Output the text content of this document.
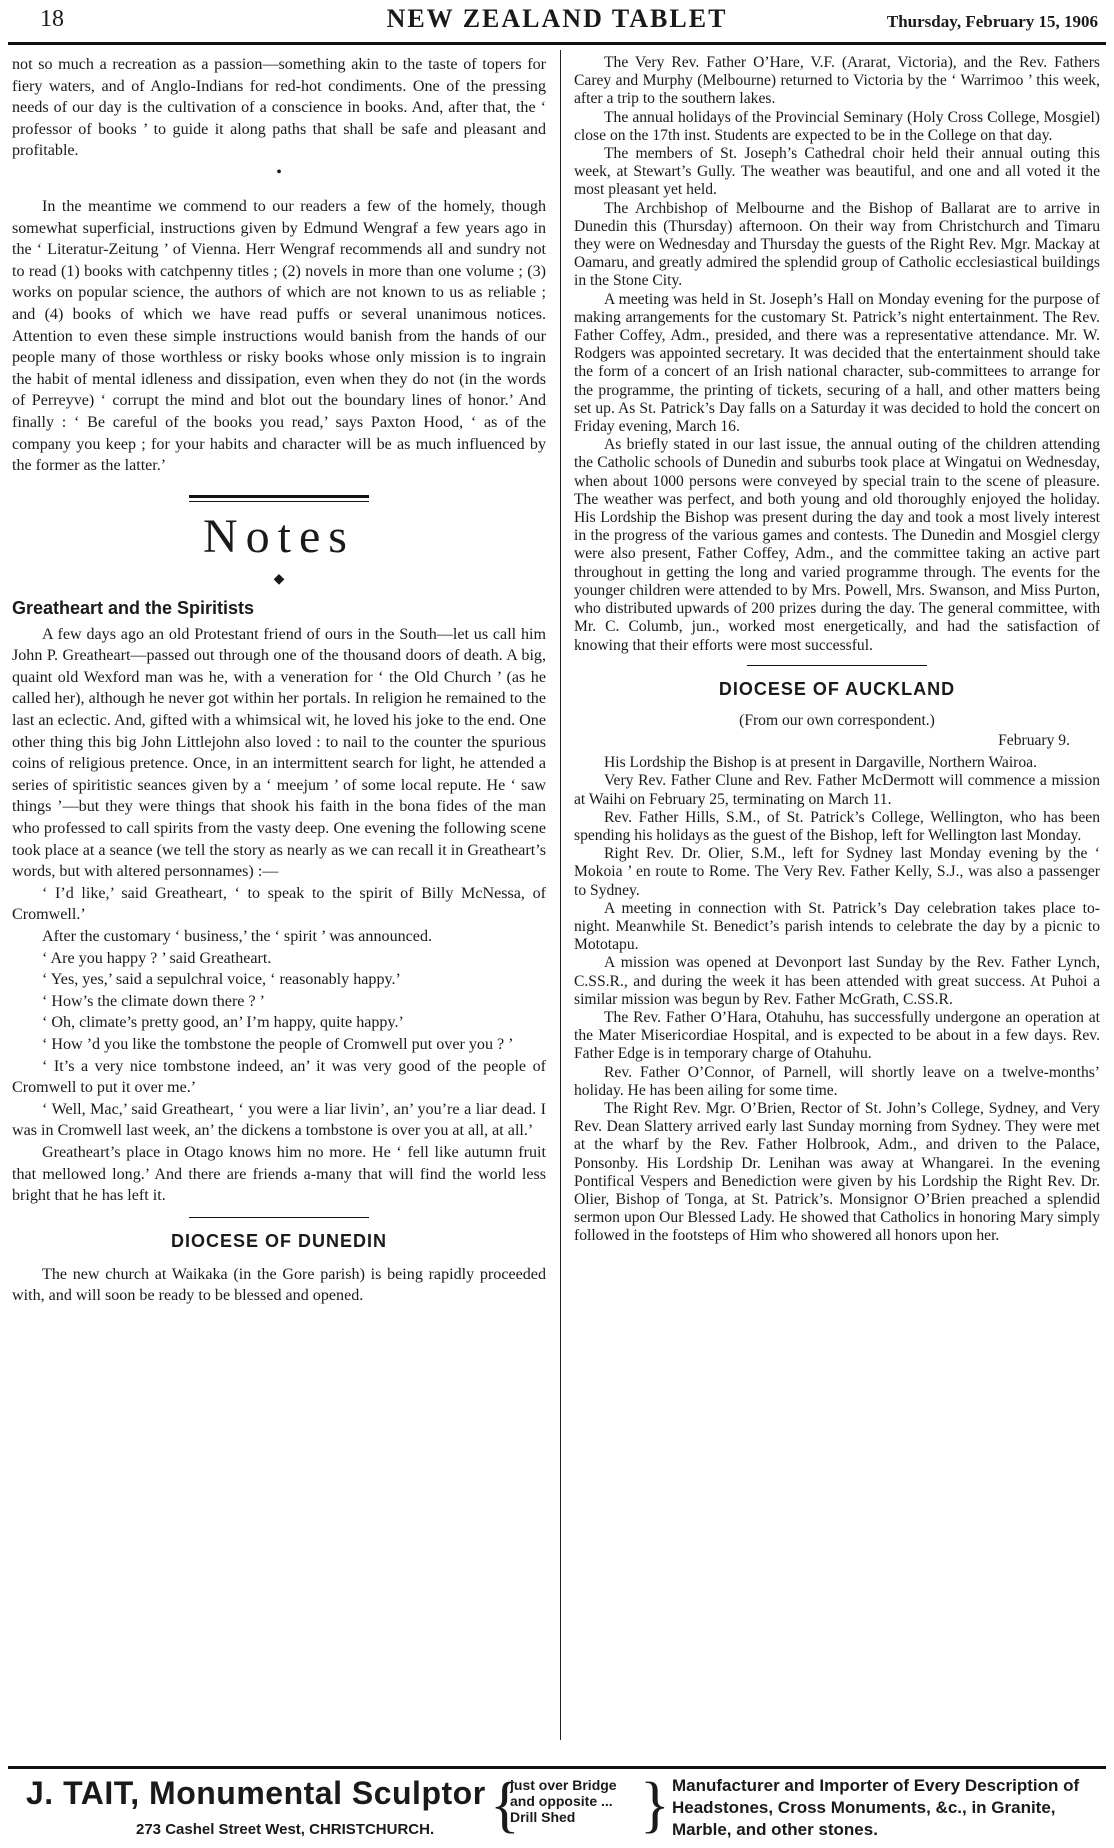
18	NEW ZEALAND TABLET	Thursday, February 15, 1906

not so much a recreation as a passion—something akin to the taste of topers for fiery waters, and of Anglo-Indians for red-hot condiments. One of the pressing needs of our day is the cultivation of a conscience in books. And, after that, the ‘ professor of books ’ to guide it along paths that shall be safe and pleasant and profitable.

•

In the meantime we commend to our readers a few of the homely, though somewhat superficial, instructions given by Edmund Wengraf a few years ago in the ‘ Literatur-Zeitung ’ of Vienna. Herr Wengraf recommends all and sundry not to read (1) books with catchpenny titles ; (2) novels in more than one volume ; (3) works on popular science, the authors of which are not known to us as reliable ; and (4) books of which we have read puffs or several unanimous notices. Attention to even these simple instructions would banish from the hands of our people many of those worthless or risky books whose only mission is to ingrain the habit of mental idleness and dissipation, even when they do not (in the words of Perreyve) ‘ corrupt the mind and blot out the boundary lines of honor.’ And finally : ‘ Be careful of the books you read,’ says Paxton Hood, ‘ as of the company you keep ; for your habits and character will be as much influenced by the former as the latter.’

Notes
◆
Greatheart and the Spiritists

A few days ago an old Protestant friend of ours in the South—let us call him John P. Greatheart—passed out through one of the thousand doors of death. A big, quaint old Wexford man was he, with a veneration for ‘ the Old Church ’ (as he called her), although he never got within her portals. In religion he remained to the last an eclectic. And, gifted with a whimsical wit, he loved his joke to the end. One other thing this big John Littlejohn also loved : to nail to the counter the spurious coins of religious pretence. Once, in an intermittent search for light, he attended a series of spiritistic seances given by a ‘ meejum ’ of some local repute. He ‘ saw things ’—but they were things that shook his faith in the bona fides of the man who professed to call spirits from the vasty deep. One evening the following scene took place at a seance (we tell the story as nearly as we can recall it in Greatheart’s words, but with altered personnames) :—

‘ I’d like,’ said Greatheart, ‘ to speak to the spirit of Billy McNessa, of Cromwell.’

After the customary ‘ business,’ the ‘ spirit ’ was announced.

‘ Are you happy ? ’ said Greatheart.

‘ Yes, yes,’ said a sepulchral voice, ‘ reasonably happy.’

‘ How’s the climate down there ? ’

‘ Oh, climate’s pretty good, an’ I’m happy, quite happy.’

‘ How ’d you like the tombstone the people of Cromwell put over you ? ’

‘ It’s a very nice tombstone indeed, an’ it was very good of the people of Cromwell to put it over me.’

‘ Well, Mac,’ said Greatheart, ‘ you were a liar livin’, an’ you’re a liar dead. I was in Cromwell last week, an’ the dickens a tombstone is over you at all, at all.’

Greatheart’s place in Otago knows him no more. He ‘ fell like autumn fruit that mellowed long.’ And there are friends a-many that will find the world less bright that he has left it.

DIOCESE OF DUNEDIN

The new church at Waikaka (in the Gore parish) is being rapidly proceeded with, and will soon be ready to be blessed and opened.

The Very Rev. Father O’Hare, V.F. (Ararat, Victoria), and the Rev. Fathers Carey and Murphy (Melbourne) returned to Victoria by the ‘ Warrimoo ’ this week, after a trip to the southern lakes.

The annual holidays of the Provincial Seminary (Holy Cross College, Mosgiel) close on the 17th inst. Students are expected to be in the College on that day.

The members of St. Joseph’s Cathedral choir held their annual outing this week, at Stewart’s Gully. The weather was beautiful, and one and all voted it the most pleasant yet held.

The Archbishop of Melbourne and the Bishop of Ballarat are to arrive in Dunedin this (Thursday) afternoon. On their way from Christchurch and Timaru they were on Wednesday and Thursday the guests of the Right Rev. Mgr. Mackay at Oamaru, and greatly admired the splendid group of Catholic ecclesiastical buildings in the Stone City.

A meeting was held in St. Joseph’s Hall on Monday evening for the purpose of making arrangements for the customary St. Patrick’s night entertainment. The Rev. Father Coffey, Adm., presided, and there was a representative attendance. Mr. W. Rodgers was appointed secretary. It was decided that the entertainment should take the form of a concert of an Irish national character, sub-committees to arrange for the programme, the printing of tickets, securing of a hall, and other matters being set up. As St. Patrick’s Day falls on a Saturday it was decided to hold the concert on Friday evening, March 16.

As briefly stated in our last issue, the annual outing of the children attending the Catholic schools of Dunedin and suburbs took place at Wingatui on Wednesday, when about 1000 persons were conveyed by special train to the scene of pleasure. The weather was perfect, and both young and old thoroughly enjoyed the holiday. His Lordship the Bishop was present during the day and took a most lively interest in the progress of the various games and contests. The Dunedin and Mosgiel clergy were also present, Father Coffey, Adm., and the committee taking an active part throughout in getting the long and varied programme through. The events for the younger children were attended to by Mrs. Powell, Mrs. Swanson, and Miss Purton, who distributed upwards of 200 prizes during the day. The general committee, with Mr. C. Columb, jun., worked most energetically, and had the satisfaction of knowing that their efforts were most successful.

DIOCESE OF AUCKLAND
(From our own correspondent.)
February 9.

His Lordship the Bishop is at present in Dargaville, Northern Wairoa.

Very Rev. Father Clune and Rev. Father McDermott will commence a mission at Waihi on February 25, terminating on March 11.

Rev. Father Hills, S.M., of St. Patrick’s College, Wellington, who has been spending his holidays as the guest of the Bishop, left for Wellington last Monday.

Right Rev. Dr. Olier, S.M., left for Sydney last Monday evening by the ‘ Mokoia ’ en route to Rome. The Very Rev. Father Kelly, S.J., was also a passenger to Sydney.

A meeting in connection with St. Patrick’s Day celebration takes place to-night. Meanwhile St. Benedict’s parish intends to celebrate the day by a picnic to Mototapu.

A mission was opened at Devonport last Sunday by the Rev. Father Lynch, C.SS.R., and during the week it has been attended with great success. At Puhoi a similar mission was begun by Rev. Father McGrath, C.SS.R.

The Rev. Father O’Hara, Otahuhu, has successfully undergone an operation at the Mater Misericordiae Hospital, and is expected to be about in a few days. Rev. Father Edge is in temporary charge of Otahuhu.

Rev. Father O’Connor, of Parnell, will shortly leave on a twelve-months’ holiday. He has been ailing for some time.

The Right Rev. Mgr. O’Brien, Rector of St. John’s College, Sydney, and Very Rev. Dean Slattery arrived early last Sunday morning from Sydney. They were met at the wharf by the Rev. Father Holbrook, Adm., and driven to the Palace, Ponsonby. His Lordship Dr. Lenihan was away at Whangarei. In the evening Pontifical Vespers and Benediction were given by his Lordship the Right Rev. Dr. Olier, Bishop of Tonga, at St. Patrick’s. Monsignor O’Brien preached a splendid sermon upon Our Blessed Lady. He showed that Catholics in honoring Mary simply followed in the footsteps of Him who showered all honors upon her.

J. TAIT, Monumental Sculptor
273 Cashel Street West, CHRISTCHURCH. {
just over Bridge and opposite ... Drill Shed	} Manufacturer and Importer of Every Description of Headstones, Cross Monuments, &c., in Granite, Marble, and other stones.
